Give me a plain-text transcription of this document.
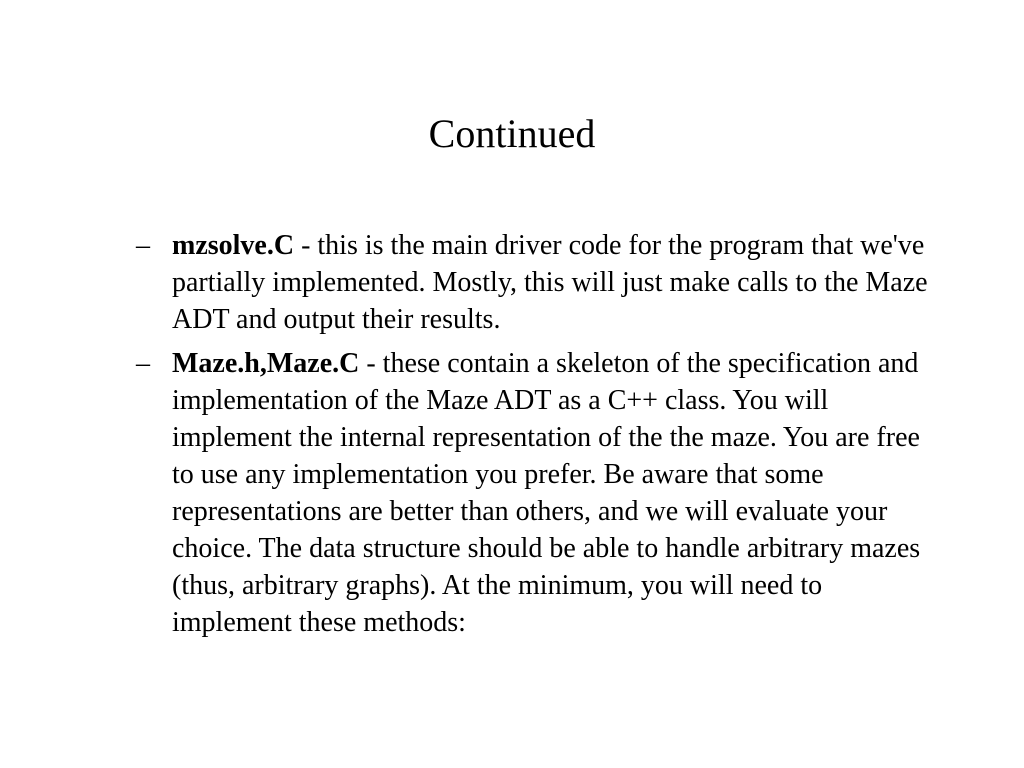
Continued
– mzsolve.C - this is the main driver code for the program that we've partially implemented. Mostly, this will just make calls to the Maze ADT and output their results.
– Maze.h,Maze.C - these contain a skeleton of the specification and implementation of the Maze ADT as a C++ class. You will implement the internal representation of the the maze. You are free to use any implementation you prefer. Be aware that some representations are better than others, and we will evaluate your choice. The data structure should be able to handle arbitrary mazes (thus, arbitrary graphs). At the minimum, you will need to implement these methods:
